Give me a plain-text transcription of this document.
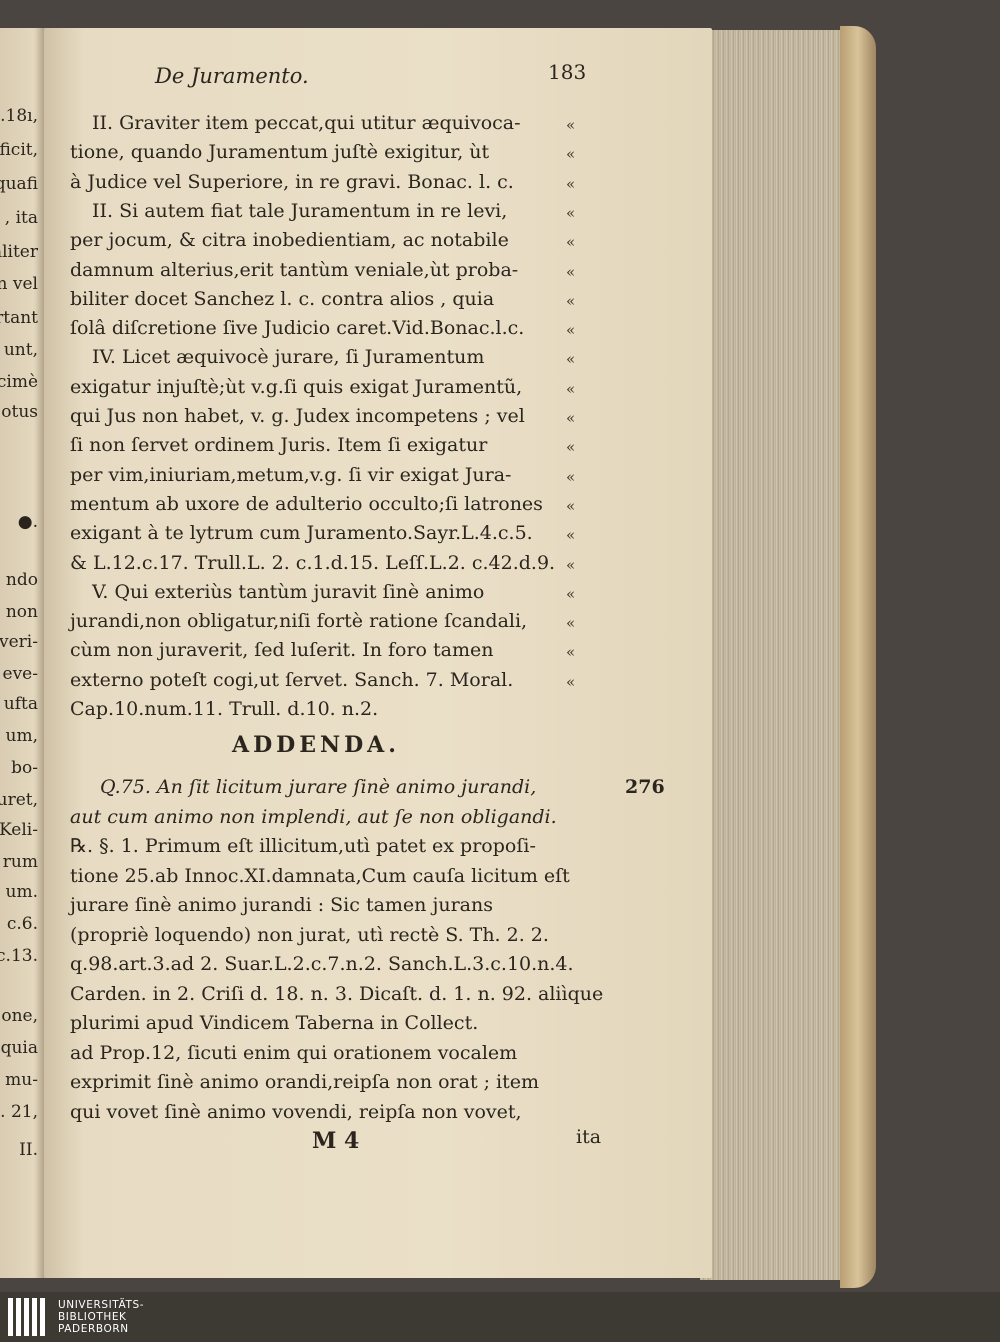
De Juramento.	183
II. Graviter item peccat,qui utitur æquivoca-	«
tione, quando Juramentum juſtè exigitur, ùt	«
à Judice vel Superiore, in re gravi. Bonac. l. c.	«
II. Si autem fiat tale Juramentum in re levi,	«
per jocum, & citra inobedientiam, ac notabile	«
damnum alterius,erit tantùm veniale,ùt proba-	«
biliter docet Sanchez l. c. contra alios , quia	«
ſolâ diſcretione ſive Judicio caret.Vid.Bonac.l.c.	«
IV. Licet æquivocè jurare, ſi Juramentum	«
exigatur injuſtè;ùt v.g.ſi quis exigat Juramentũ,	«
qui Jus non habet, v. g. Judex incompetens ; vel	«
ſi non ſervet ordinem Juris. Item ſi exigatur	«
per vim,iniuriam,metum,v.g. ſi vir exigat Jura-	«
mentum ab uxore de adulterio occulto;ſi latrones «
exigant à te lytrum cum Juramento.Sayr.L.4.c.5. «
& L.12.c.17. Trull.L. 2. c.1.d.15. Leſſ.L.2. c.42.d.9. «
V. Qui exteriùs tantùm juravit ſinè animo	«
jurandi,non obligatur,niſi fortè ratione ſcandali,	«
cùm non juraverit, ſed luſerit. In foro tamen	«
externo poteſt cogi,ut ſervet. Sanch. 7. Moral.	«
Cap.10.num.11. Trull. d.10. n.2.
ADDENDA.
276
Q.75. An ſit licitum jurare ſinè animo jurandi,
aut cum animo non implendi, aut ſe non obligandi.
℞. §. 1. Primum eſt illicitum,utì patet ex propoſi-
tione 25.ab Innoc.XI.damnata,Cum cauſa licitum eſt
jurare ſinè animo jurandi : Sic tamen jurans
(propriè loquendo) non jurat, utì rectè S. Th. 2. 2.
q.98.art.3.ad 2. Suar.L.2.c.7.n.2. Sanch.L.3.c.10.n.4.
Carden. in 2. Criſi d. 18. n. 3. Dicaſt. d. 1. n. 92. aliìque
plurimi apud Vindicem Taberna in Collect.
ad Prop.12, ſicuti enim qui orationem vocalem
exprimit ſinè animo orandi,reipſa non orat ; item
qui vovet ſinè animo vovendi, reipſa non vovet,
M 4	ita
UNIVERSITÄTS-
BIBLIOTHEK
PADERBORN
